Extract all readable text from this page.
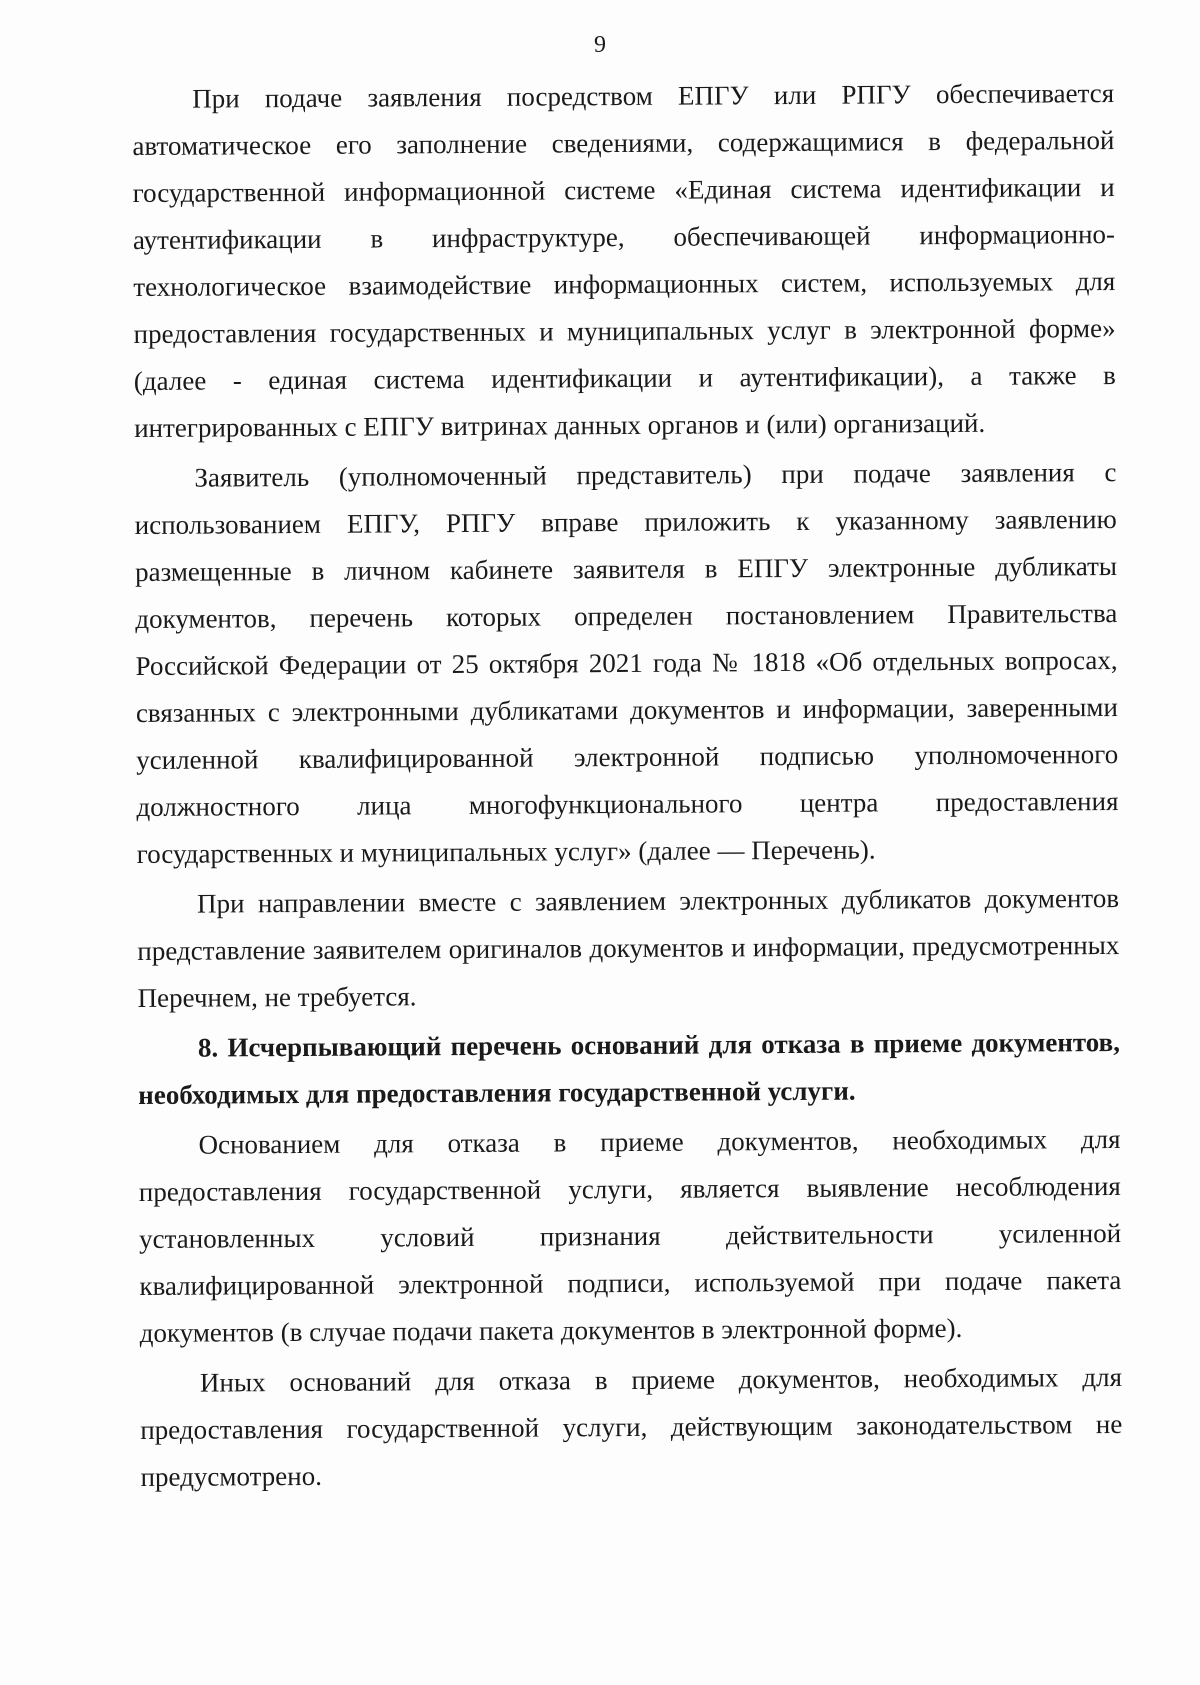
9

При подаче заявления посредством ЕПГУ или РПГУ обеспечивается автоматическое его заполнение сведениями, содержащимися в федеральной государственной информационной системе «Единая система идентификации и аутентификации в инфраструктуре, обеспечивающей информационно-технологическое взаимодействие информационных систем, используемых для предоставления государственных и муниципальных услуг в электронной форме» (далее - единая система идентификации и аутентификации), а также в интегрированных с ЕПГУ витринах данных органов и (или) организаций.

Заявитель (уполномоченный представитель) при подаче заявления с использованием ЕПГУ, РПГУ вправе приложить к указанному заявлению размещенные в личном кабинете заявителя в ЕПГУ электронные дубликаты документов, перечень которых определен постановлением Правительства Российской Федерации от 25 октября 2021 года № 1818 «Об отдельных вопросах, связанных с электронными дубликатами документов и информации, заверенными усиленной квалифицированной электронной подписью уполномоченного должностного лица многофункционального центра предоставления государственных и муниципальных услуг» (далее — Перечень).

При направлении вместе с заявлением электронных дубликатов документов представление заявителем оригиналов документов и информации, предусмотренных Перечнем, не требуется.

8. Исчерпывающий перечень оснований для отказа в приеме документов, необходимых для предоставления государственной услуги.

Основанием для отказа в приеме документов, необходимых для предоставления государственной услуги, является выявление несоблюдения установленных условий признания действительности усиленной квалифицированной электронной подписи, используемой при подаче пакета документов (в случае подачи пакета документов в электронной форме).

Иных оснований для отказа в приеме документов, необходимых для предоставления государственной услуги, действующим законодательством не предусмотрено.
